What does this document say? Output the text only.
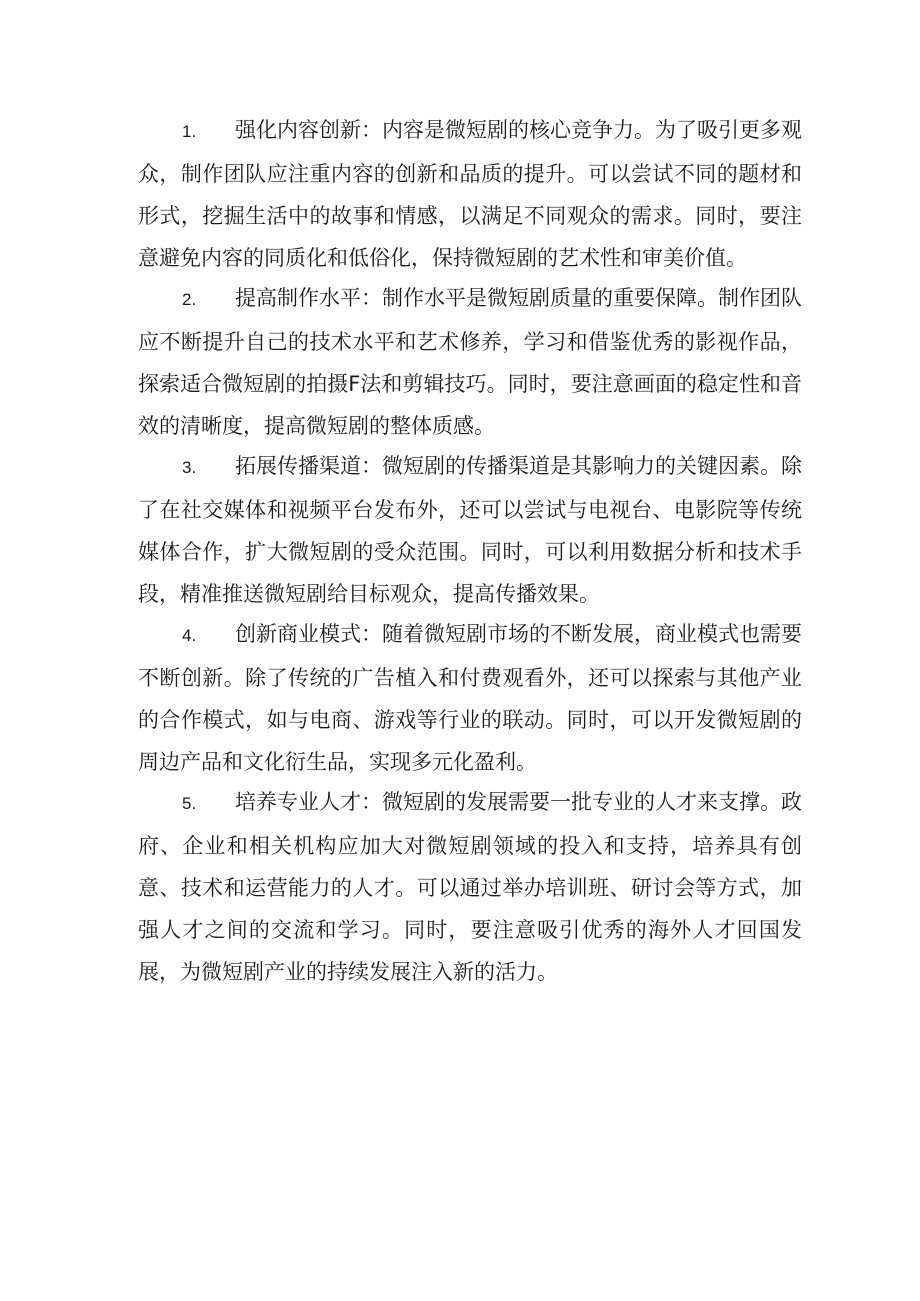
1. 强化内容创新：内容是微短剧的核心竞争力。为了吸引更多观众，制作团队应注重内容的创新和品质的提升。可以尝试不同的题材和形式，挖掘生活中的故事和情感，以满足不同观众的需求。同时，要注意避免内容的同质化和低俗化，保持微短剧的艺术性和审美价值。

2. 提高制作水平：制作水平是微短剧质量的重要保障。制作团队应不断提升自己的技术水平和艺术修养，学习和借鉴优秀的影视作品，探索适合微短剧的拍摄F法和剪辑技巧。同时，要注意画面的稳定性和音效的清晰度，提高微短剧的整体质感。

3. 拓展传播渠道：微短剧的传播渠道是其影响力的关键因素。除了在社交媒体和视频平台发布外，还可以尝试与电视台、电影院等传统媒体合作，扩大微短剧的受众范围。同时，可以利用数据分析和技术手段，精准推送微短剧给目标观众，提高传播效果。

4. 创新商业模式：随着微短剧市场的不断发展，商业模式也需要不断创新。除了传统的广告植入和付费观看外，还可以探索与其他产业的合作模式，如与电商、游戏等行业的联动。同时，可以开发微短剧的周边产品和文化衍生品，实现多元化盈利。

5. 培养专业人才：微短剧的发展需要一批专业的人才来支撑。政府、企业和相关机构应加大对微短剧领域的投入和支持，培养具有创意、技术和运营能力的人才。可以通过举办培训班、研讨会等方式，加强人才之间的交流和学习。同时，要注意吸引优秀的海外人才回国发展，为微短剧产业的持续发展注入新的活力。
